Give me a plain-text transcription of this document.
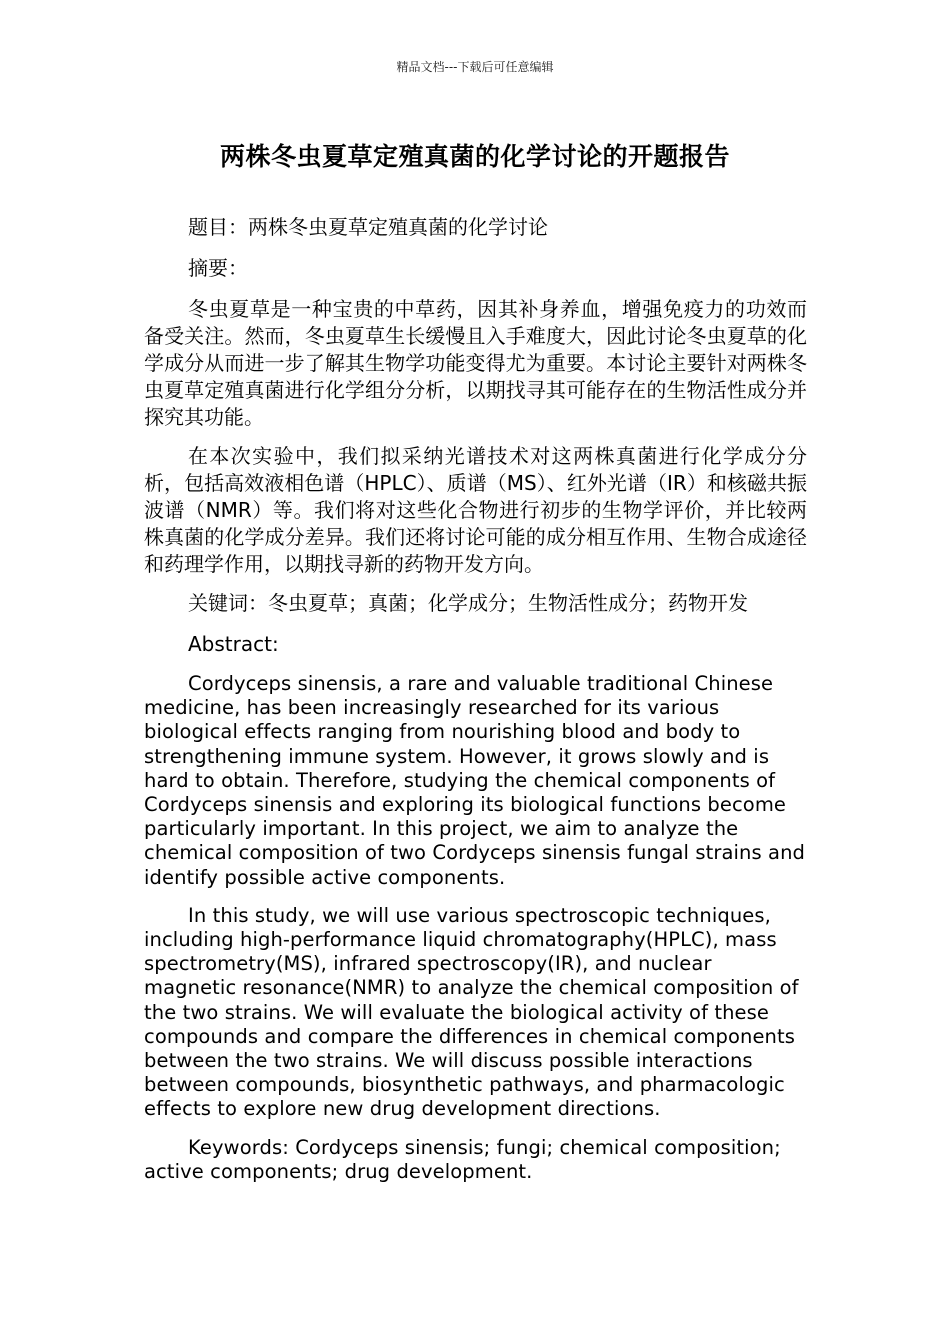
精品文档---下载后可任意编辑
两株冬虫夏草定殖真菌的化学讨论的开题报告

题目：两株冬虫夏草定殖真菌的化学讨论

摘要：

冬虫夏草是一种宝贵的中草药，因其补身养血，增强免疫力的功效而备受关注。然而，冬虫夏草生长缓慢且入手难度大，因此讨论冬虫夏草的化学成分从而进一步了解其生物学功能变得尤为重要。本讨论主要针对两株冬虫夏草定殖真菌进行化学组分分析，以期找寻其可能存在的生物活性成分并探究其功能。

在本次实验中，我们拟采纳光谱技术对这两株真菌进行化学成分分析，包括高效液相色谱（HPLC）、质谱（MS）、红外光谱（IR）和核磁共振波谱（NMR）等。我们将对这些化合物进行初步的生物学评价，并比较两株真菌的化学成分差异。我们还将讨论可能的成分相互作用、生物合成途径和药理学作用，以期找寻新的药物开发方向。

关键词：冬虫夏草；真菌；化学成分；生物活性成分；药物开发

Abstract:

Cordyceps sinensis, a rare and valuable traditional Chinese medicine, has been increasingly researched for its various biological effects ranging from nourishing blood and body to strengthening immune system. However, it grows slowly and is hard to obtain. Therefore, studying the chemical components of Cordyceps sinensis and exploring its biological functions become particularly important. In this project, we aim to analyze the chemical composition of two Cordyceps sinensis fungal strains and identify possible active components.

In this study, we will use various spectroscopic techniques, including high-performance liquid chromatography(HPLC), mass spectrometry(MS), infrared spectroscopy(IR), and nuclear magnetic resonance(NMR) to analyze the chemical composition of the two strains. We will evaluate the biological activity of these compounds and compare the differences in chemical components between the two strains. We will discuss possible interactions between compounds, biosynthetic pathways, and pharmacologic effects to explore new drug development directions.

Keywords: Cordyceps sinensis; fungi; chemical composition; active components; drug development.
